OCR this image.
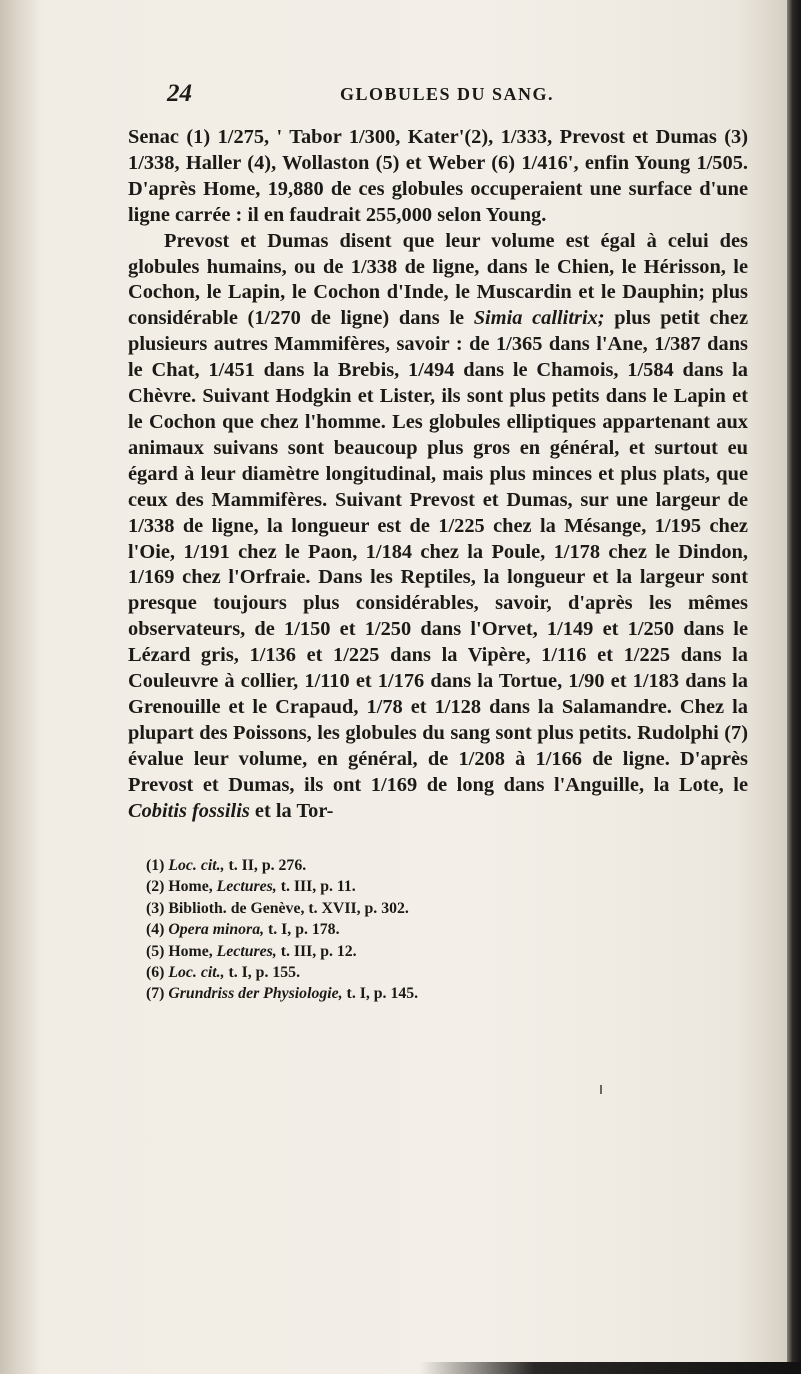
24	GLOBULES DU SANG.

Senac (1) 1/275, ' Tabor 1/300, Kater'(2), 1/333, Prevost et Dumas (3) 1/338, Haller (4), Wollaston (5) et Weber (6) 1/416', enfin Young 1/505. D'après Home, 19,880 de ces globules occuperaient une surface d'une ligne carrée : il en faudrait 255,000 selon Young.

Prevost et Dumas disent que leur volume est égal à celui des globules humains, ou de 1/338 de ligne, dans le Chien, le Hérisson, le Cochon, le Lapin, le Cochon d'Inde, le Muscardin et le Dauphin; plus considérable (1/270 de ligne) dans le Simia callitrix; plus petit chez plusieurs autres Mammifères, savoir : de 1/365 dans l'Ane, 1/387 dans le Chat, 1/451 dans la Brebis, 1/494 dans le Chamois, 1/584 dans la Chèvre. Suivant Hodgkin et Lister, ils sont plus petits dans le Lapin et le Cochon que chez l'homme. Les globules elliptiques appartenant aux animaux suivans sont beaucoup plus gros en général, et surtout eu égard à leur diamètre longitudinal, mais plus minces et plus plats, que ceux des Mammifères. Suivant Prevost et Dumas, sur une largeur de 1/338 de ligne, la longueur est de 1/225 chez la Mésange, 1/195 chez l'Oie, 1/191 chez le Paon, 1/184 chez la Poule, 1/178 chez le Dindon, 1/169 chez l'Orfraie. Dans les Reptiles, la longueur et la largeur sont presque toujours plus considérables, savoir, d'après les mêmes observateurs, de 1/150 et 1/250 dans l'Orvet, 1/149 et 1/250 dans le Lézard gris, 1/136 et 1/225 dans la Vipère, 1/116 et 1/225 dans la Couleuvre à collier, 1/110 et 1/176 dans la Tortue, 1/90 et 1/183 dans la Grenouille et le Crapaud, 1/78 et 1/128 dans la Salamandre. Chez la plupart des Poissons, les globules du sang sont plus petits. Rudolphi (7) évalue leur volume, en général, de 1/208 à 1/166 de ligne. D'après Prevost et Dumas, ils ont 1/169 de long dans l'Anguille, la Lote, le Cobitis fossilis et la Tor-

(1) Loc. cit., t. II, p. 276.
(2) Home, Lectures, t. III, p. 11.
(3) Biblioth. de Genève, t. XVII, p. 302.
(4) Opera minora, t. I, p. 178.
(5) Home, Lectures, t. III, p. 12.
(6) Loc. cit., t. I, p. 155.
(7) Grundriss der Physiologie, t. I, p. 145.
